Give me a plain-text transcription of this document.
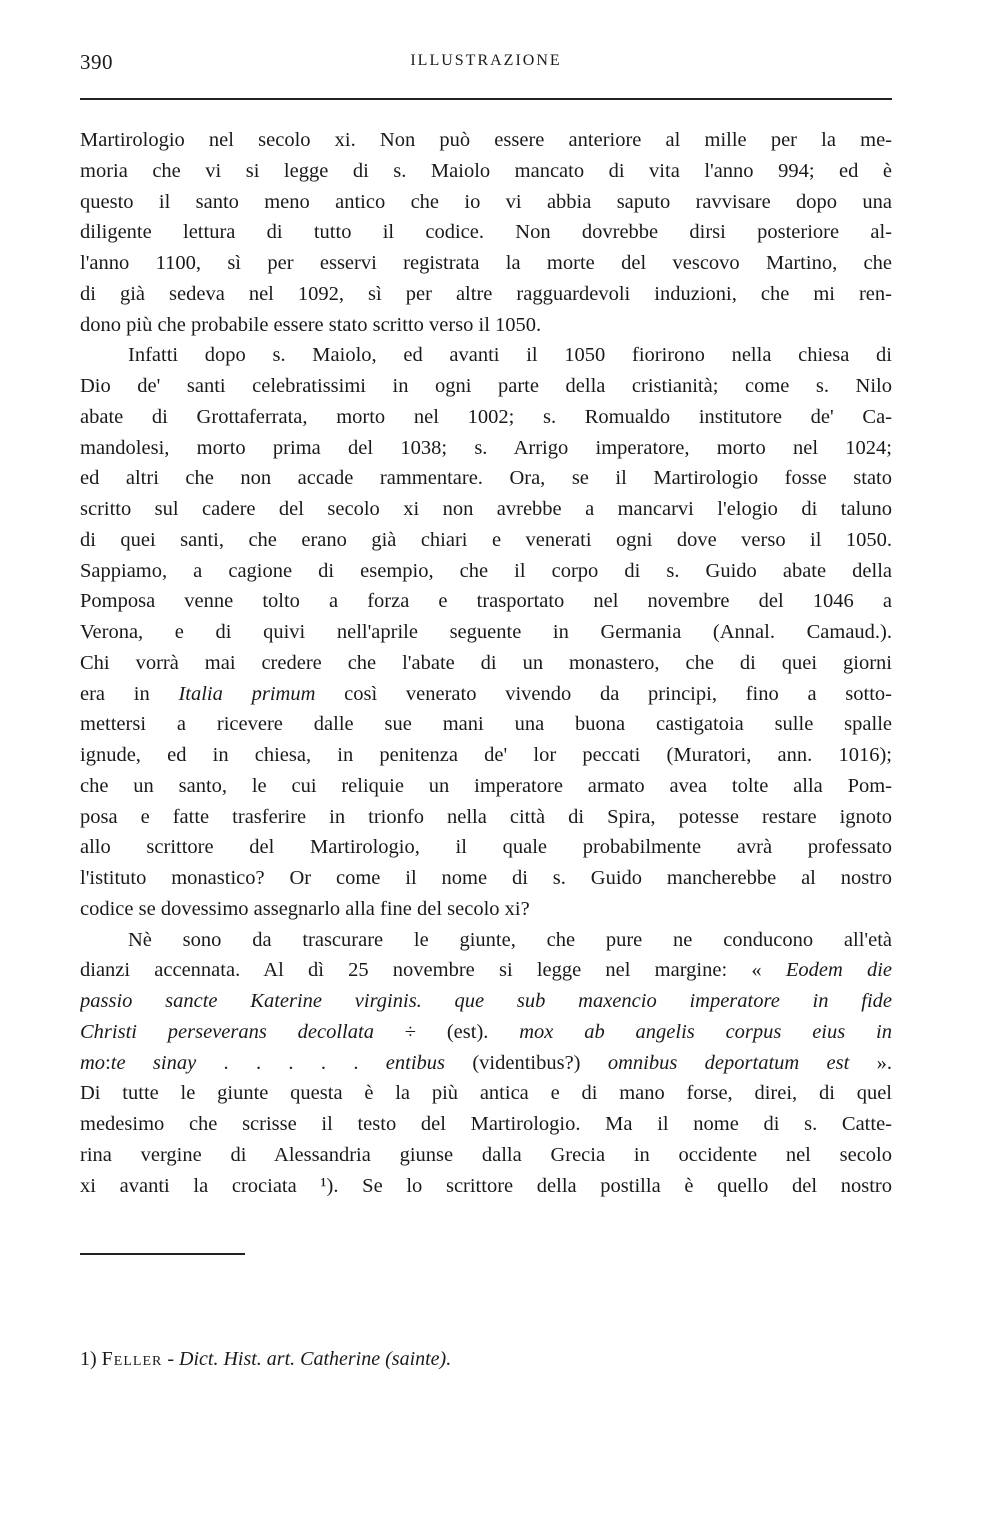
390	ILLUSTRAZIONE
Martirologio nel secolo xi. Non può essere anteriore al mille per la me-
moria che vi si legge di s. Maiolo mancato di vita l'anno 994; ed è
questo il santo meno antico che io vi abbia saputo ravvisare dopo una
diligente lettura di tutto il codice. Non dovrebbe dirsi posteriore al-
l'anno 1100, sì per esservi registrata la morte del vescovo Martino, che
di già sedeva nel 1092, sì per altre ragguardevoli induzioni, che mi ren-
dono più che probabile essere stato scritto verso il 1050.
Infatti dopo s. Maiolo, ed avanti il 1050 fiorirono nella chiesa di
Dio de' santi celebratissimi in ogni parte della cristianità; come s. Nilo
abate di Grottaferrata, morto nel 1002; s. Romualdo institutore de' Ca-
mandolesi, morto prima del 1038; s. Arrigo imperatore, morto nel 1024;
ed altri che non accade rammentare. Ora, se il Martirologio fosse stato
scritto sul cadere del secolo xi non avrebbe a mancarvi l'elogio di taluno
di quei santi, che erano già chiari e venerati ogni dove verso il 1050.
Sappiamo, a cagione di esempio, che il corpo di s. Guido abate della
Pomposa venne tolto a forza e trasportato nel novembre del 1046 a
Verona, e di quivi nell'aprile seguente in Germania (Annal. Camaud.).
Chi vorrà mai credere che l'abate di un monastero, che di quei giorni
era in Italia primum così venerato vivendo da principi, fino a sotto-
mettersi a ricevere dalle sue mani una buona castigatoia sulle spalle
ignude, ed in chiesa, in penitenza de' lor peccati (Muratori, ann. 1016);
che un santo, le cui reliquie un imperatore armato avea tolte alla Pom-
posa e fatte trasferire in trionfo nella città di Spira, potesse restare ignoto
allo scrittore del Martirologio, il quale probabilmente avrà professato
l'istituto monastico? Or come il nome di s. Guido mancherebbe al nostro
codice se dovessimo assegnarlo alla fine del secolo xi?
Nè sono da trascurare le giunte, che pure ne conducono all'età
dianzi accennata. Al dì 25 novembre si legge nel margine: « Eodem die
passio sancte Katerine virginis. que sub maxencio imperatore in fide
Christi perseverans decollata ÷ (est). mox ab angelis corpus eius in
mo:te sinay . . . . . entibus (videntibus?) omnibus deportatum est ».
Di tutte le giunte questa è la più antica e di mano forse, direi, di quel
medesimo che scrisse il testo del Martirologio. Ma il nome di s. Catte-
rina vergine di Alessandria giunse dalla Grecia in occidente nel secolo
xi avanti la crociata ¹). Se lo scrittore della postilla è quello del nostro
1) Feller - Dict. Hist. art. Catherine (sainte).
